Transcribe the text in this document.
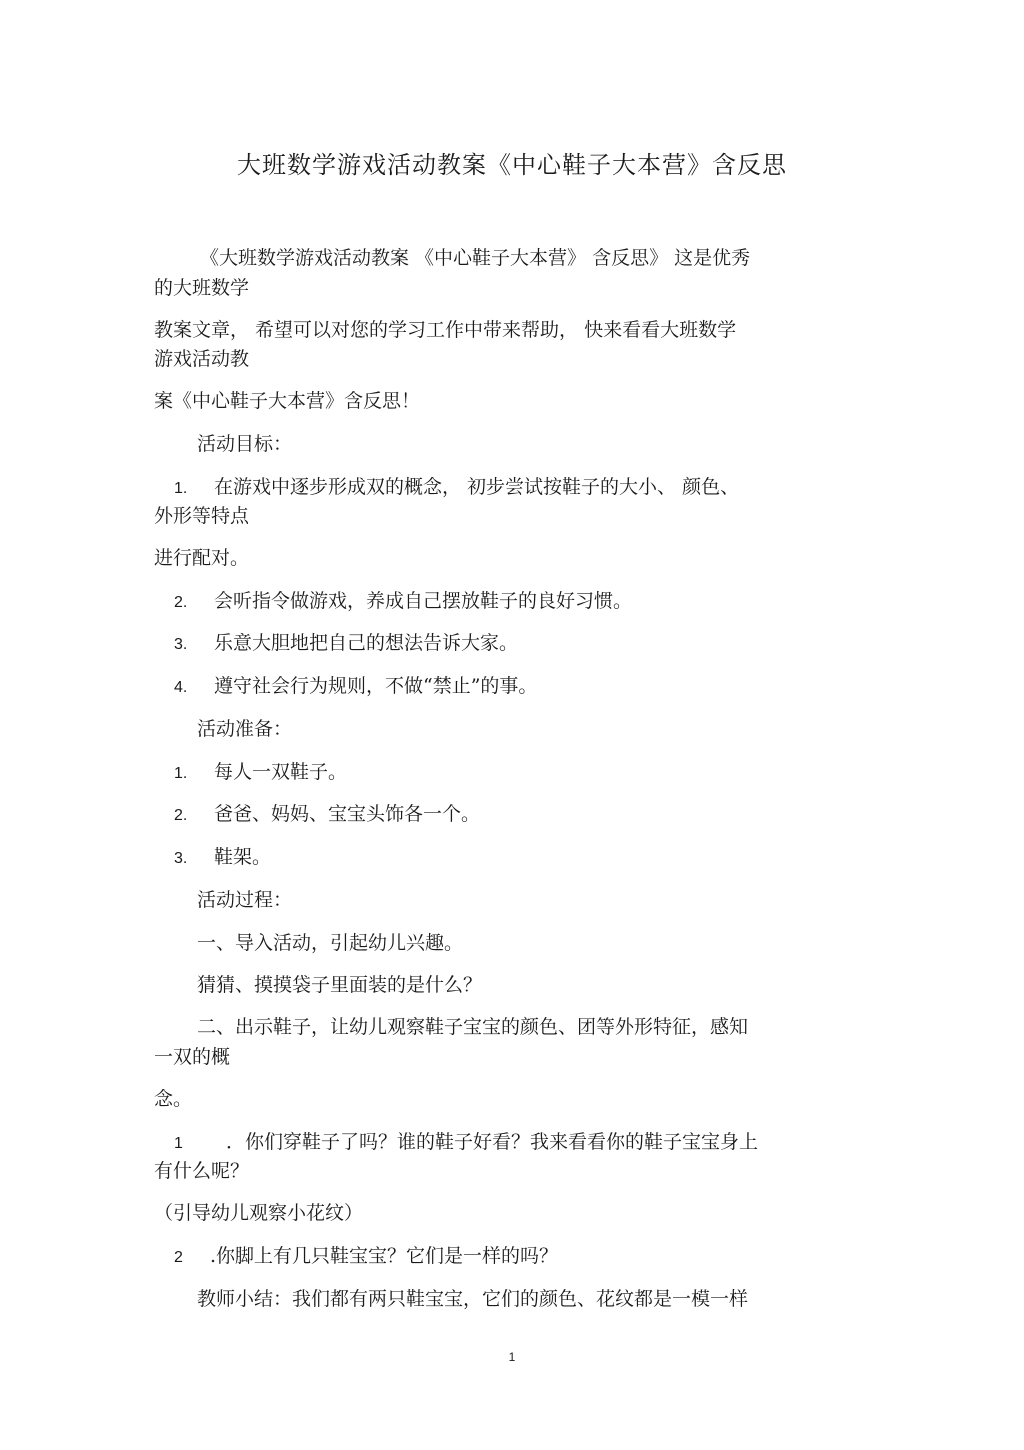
大班数学游戏活动教案《中心鞋子大本营》含反思
《大班数学游戏活动教案 《中心鞋子大本营》 含反思》 这是优秀
的大班数学
教案文章， 希望可以对您的学习工作中带来帮助， 快来看看大班数学
游戏活动教
案《中心鞋子大本营》含反思！
活动目标：
1. 在游戏中逐步形成双的概念， 初步尝试按鞋子的大小、 颜色、
外形等特点
进行配对。
2. 会听指令做游戏，养成自己摆放鞋子的良好习惯。
3. 乐意大胆地把自己的想法告诉大家。
4. 遵守社会行为规则，不做“禁止”的事。
活动准备：
1. 每人一双鞋子。
2. 爸爸、妈妈、宝宝头饰各一个。
3. 鞋架。
活动过程：
一、导入活动，引起幼儿兴趣。
猜猜、摸摸袋子里面装的是什么？
二、出示鞋子，让幼儿观察鞋子宝宝的颜色、团等外形特征，感知
一双的概
念。
1 ．你们穿鞋子了吗？谁的鞋子好看？我来看看你的鞋子宝宝身上
有什么呢？
（引导幼儿观察小花纹）
2 .你脚上有几只鞋宝宝？它们是一样的吗？
教师小结：我们都有两只鞋宝宝，它们的颜色、花纹都是一模一样
1
